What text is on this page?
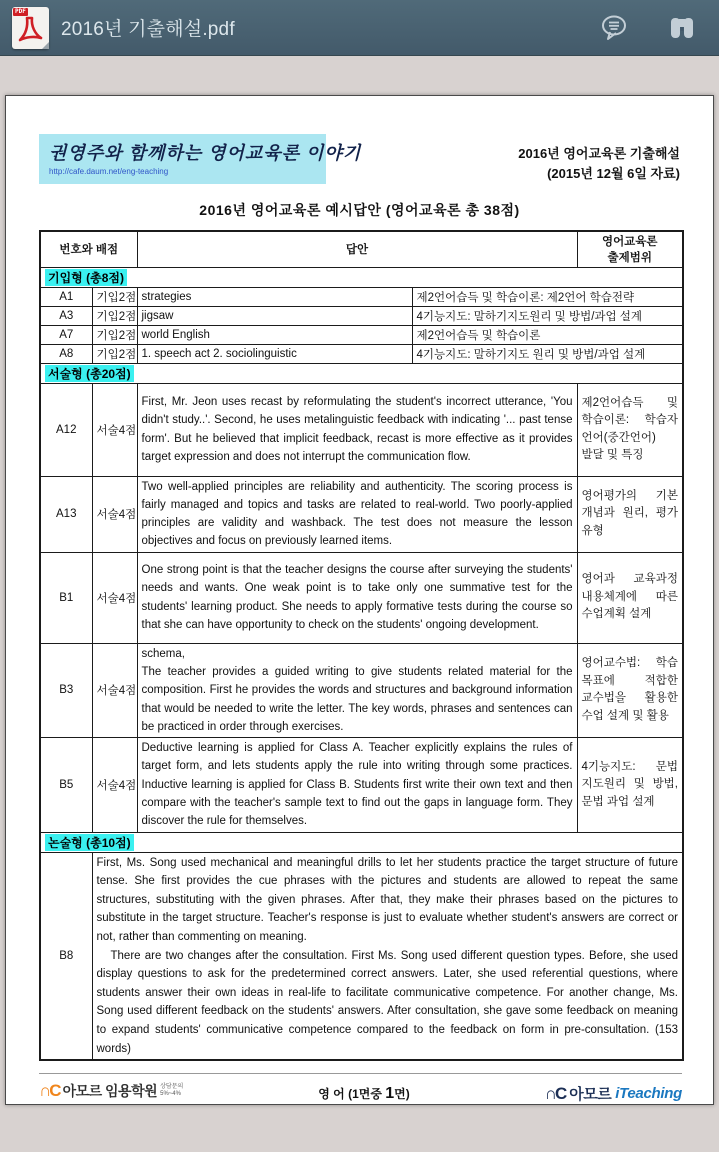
PDF
2016년 기출해설.pdf
권영주와 함께하는 영어교육론 이야기
http://cafe.daum.net/eng-teaching
2016년 영어교육론 기출해설
(2015년 12월 6일 자료)
2016년 영어교육론 예시답안 (영어교육론 총 38점)
번호와 배점		답안		영어교육론
출제범위

기입형 (총8점)				
A1	기입2점	strategies	제2언어습득 및 학습이론: 제2언어 학습전략	
A3	기입2점	jigsaw	4기능지도: 말하기지도원리 및 방법/과업 설계	
A7	기입2점	world English	제2언어습득 및 학습이론	
A8	기입2점	1. speech act 2. sociolinguistic	4기능지도: 말하기지도 원리 및 방법/과업 설계	
서술형 (총20점)				
A12	서술4점	First, Mr. Jeon uses recast by reformulating the student's incorrect utterance, 'You didn't study..'. Second, he uses metalinguistic feedback with indicating '... past tense form'. But he believed that implicit feedback, recast is more effective as it provides target expression and does not interrupt the communication flow.		제2언어습득 및 학습이론: 학습자 언어(중간언어) 발달 및 특징
A13	서술4점	Two well-applied principles are reliability and authenticity. The scoring process is fairly managed and topics and tasks are related to real-world. Two poorly-applied principles are validity and washback. The test does not measure the lesson objectives and focus on previously learned items.		영어평가의 기본 개념과 원리, 평가 유형
B1	서술4점	One strong point is that the teacher designs the course after surveying the students' needs and wants. One weak point is to take only one summative test for the students' learning product. She needs to apply formative tests during the course so that she can have opportunity to check on the students' ongoing development.		영어과 교육과정 내용체계에 따른 수업계획 설계
B3	서술4점	schema,
The teacher provides a guided writing to give students related material for the composition. First he provides the words and structures and background information that would be needed to write the letter. The key words, phrases and sentences can be practiced in order through exercises.		영어교수법: 학습 목표에 적합한 교수법을 활용한 수업 설계 및 활용
B5	서술4점	Deductive learning is applied for Class A. Teacher explicitly explains the rules of target form, and lets students apply the rule into writing through some practices. Inductive learning is applied for Class B. Students first write their own text and then compare with the teacher's sample text to find out the gaps in language form. They discover the rule for themselves.		4기능지도: 문법 지도원리 및 방법, 문법 과업 설계
논술형 (총10점)				
B8	First, Ms. Song used mechanical and meaningful drills to let her students practice the target structure of future tense. She first provides the cue phrases with the pictures and students are allowed to repeat the same structures, substituting with the given phrases. After that, they make their phrases based on the pictures to substitute in the target structure. Teacher's response is just to evaluate whether student's answers are correct or not, rather than commenting on meaning.
There are two changes after the consultation. First Ms. Song used different question types. Before, she used display questions to ask for the predetermined correct answers. Later, she used referential questions, where students answer their own ideas in real-life to facilitate communicative competence. For another change, Ms. Song used different feedback on the students' answers. After consultation, she gave some feedback on meaning to expand students' communicative competence compared to the feedback on form in pre-consultation. (153 words)			
∩C 아모르 임용학원 상담문의
5%~4%	영 어 (1면중 1면)	∩C 아모르 iTeaching
